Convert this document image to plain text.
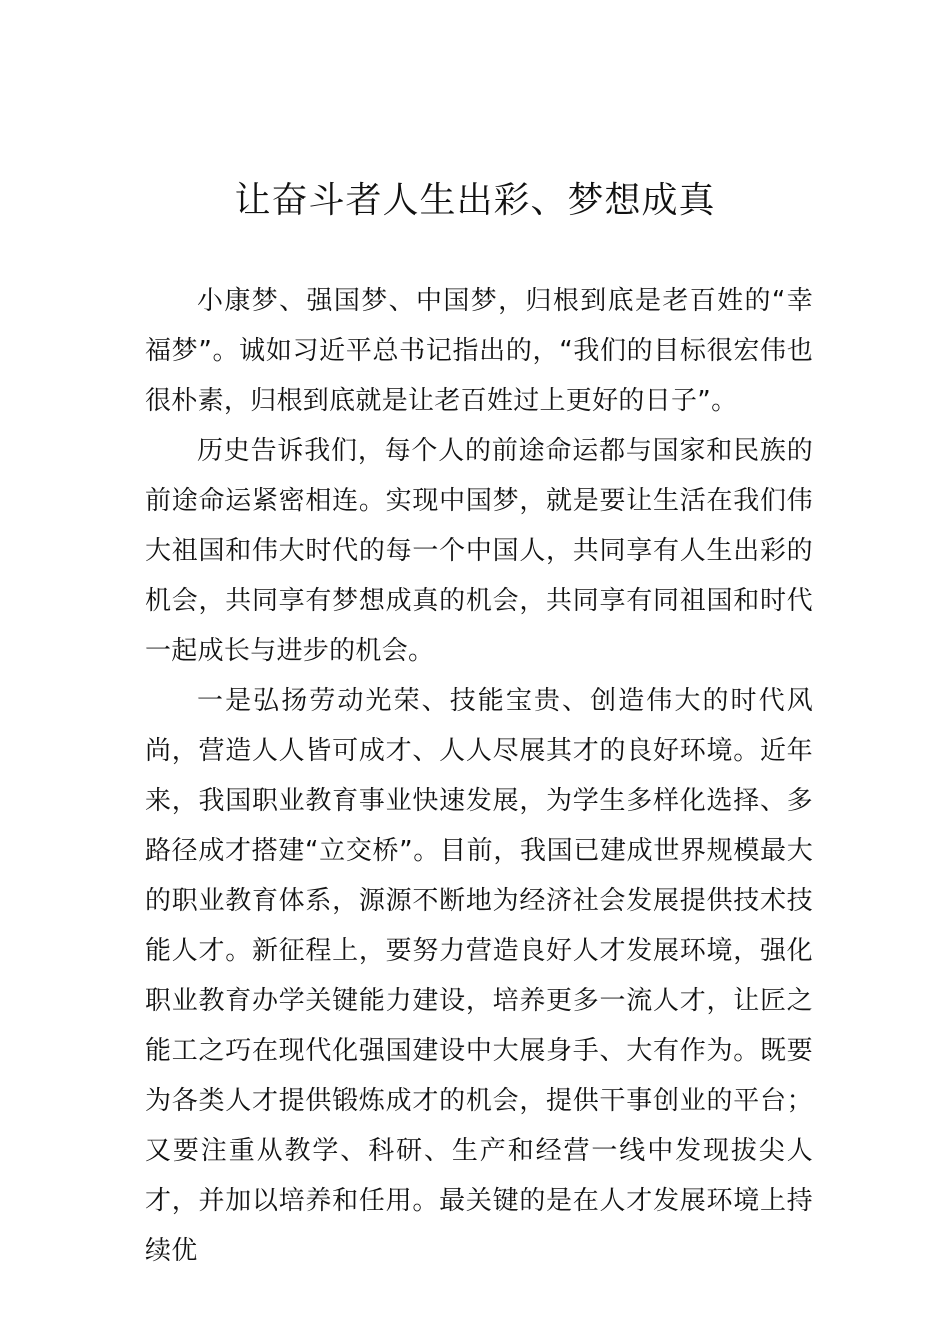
让奋斗者人生出彩、梦想成真

小康梦、强国梦、中国梦，归根到底是老百姓的“幸福梦”。诚如习近平总书记指出的，“我们的目标很宏伟也很朴素，归根到底就是让老百姓过上更好的日子”。

历史告诉我们，每个人的前途命运都与国家和民族的前途命运紧密相连。实现中国梦，就是要让生活在我们伟大祖国和伟大时代的每一个中国人，共同享有人生出彩的机会，共同享有梦想成真的机会，共同享有同祖国和时代一起成长与进步的机会。

一是弘扬劳动光荣、技能宝贵、创造伟大的时代风尚，营造人人皆可成才、人人尽展其才的良好环境。近年来，我国职业教育事业快速发展，为学生多样化选择、多路径成才搭建“立交桥”。目前，我国已建成世界规模最大的职业教育体系，源源不断地为经济社会发展提供技术技能人才。新征程上，要努力营造良好人才发展环境，强化职业教育办学关键能力建设，培养更多一流人才，让匠之能工之巧在现代化强国建设中大展身手、大有作为。既要为各类人才提供锻炼成才的机会，提供干事创业的平台；又要注重从教学、科研、生产和经营一线中发现拔尖人才，并加以培养和任用。最关键的是在人才发展环境上持续优
